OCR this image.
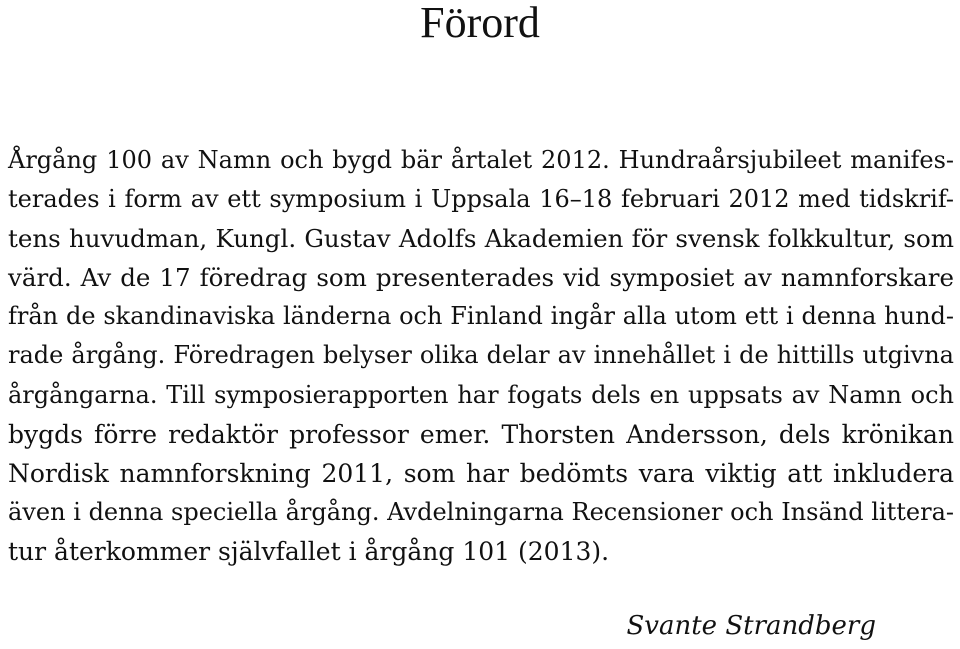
Förord
Årgång 100 av Namn och bygd bär årtalet 2012. Hundraårsjubileet manifes-
terades i form av ett symposium i Uppsala 16–18 februari 2012 med tidskrif-
tens huvudman, Kungl. Gustav Adolfs Akademien för svensk folkkultur, som
värd. Av de 17 föredrag som presenterades vid symposiet av namnforskare
från de skandinaviska länderna och Finland ingår alla utom ett i denna hund-
rade årgång. Föredragen belyser olika delar av innehållet i de hittills utgivna
årgångarna. Till symposierapporten har fogats dels en uppsats av Namn och
bygds förre redaktör professor emer. Thorsten Andersson, dels krönikan
Nordisk namnforskning 2011, som har bedömts vara viktig att inkludera
även i denna speciella årgång. Avdelningarna Recensioner och Insänd littera-
tur återkommer självfallet i årgång 101 (2013).
Svante Strandberg
